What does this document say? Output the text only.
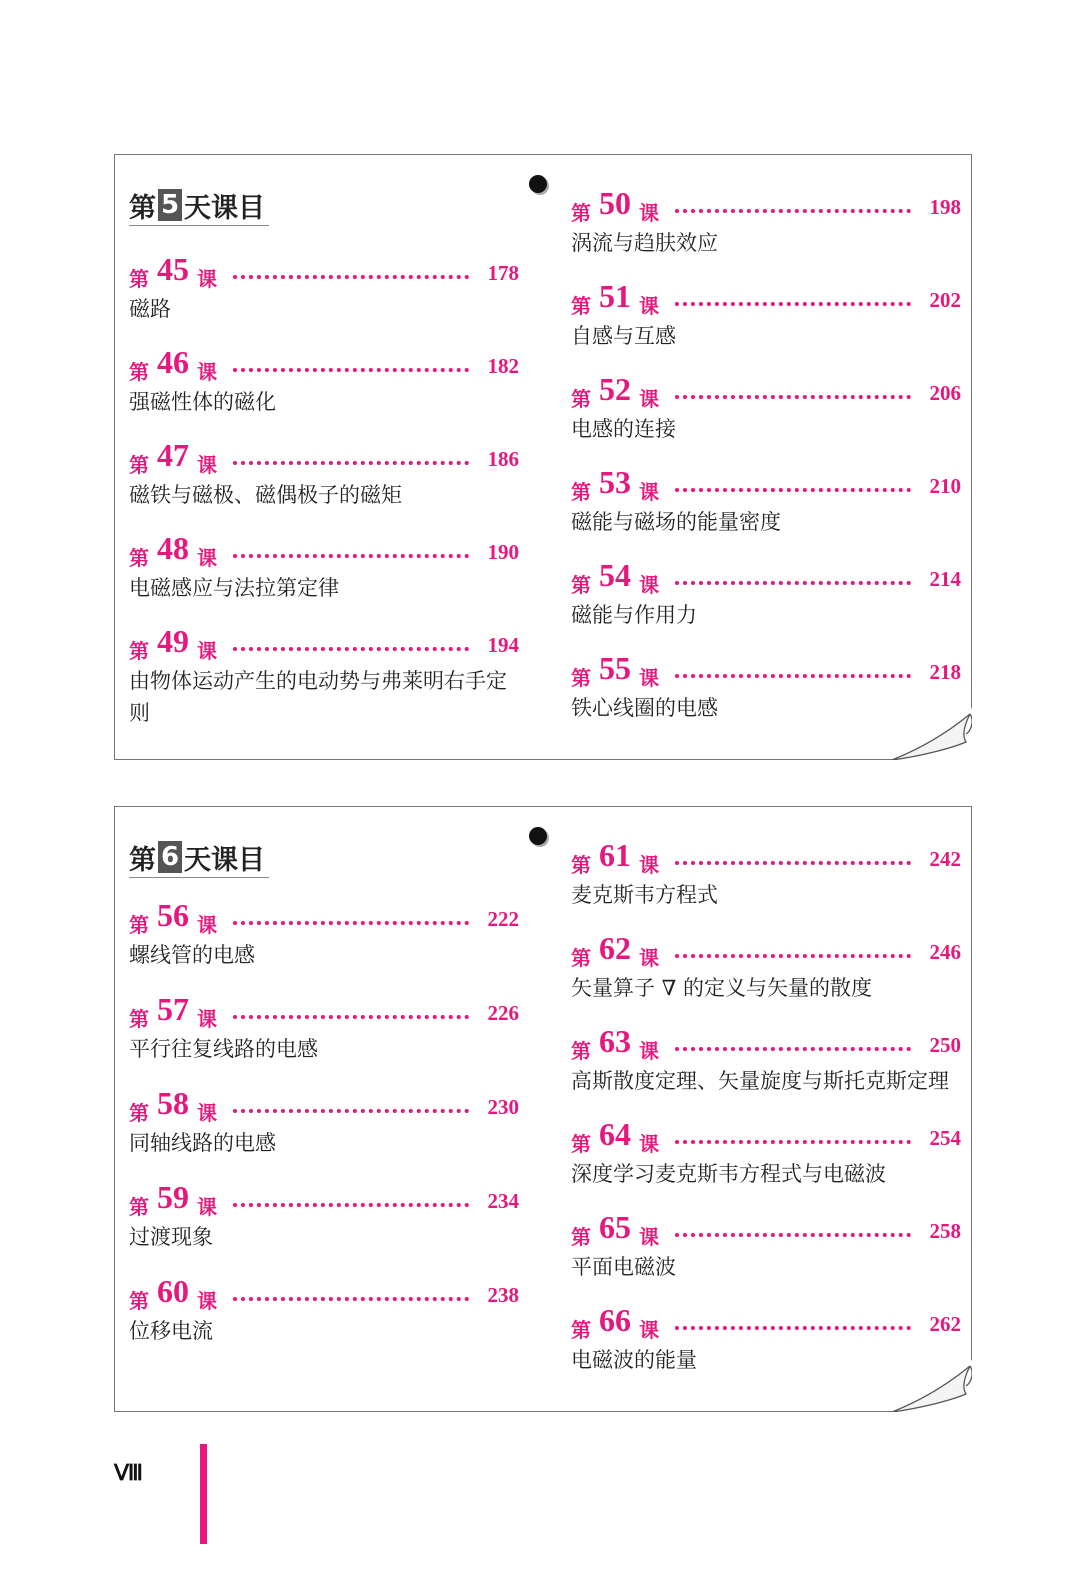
第 5 天课目
第 45 课	178
磁路
第 46 课	182
强磁性体的磁化
第 47 课	186
磁铁与磁极、磁偶极子的磁矩
第 48 课	190
电磁感应与法拉第定律
第 49 课	194
由物体运动产生的电动势与弗莱明右手定则
第 50 课	198
涡流与趋肤效应
第 51 课	202
自感与互感
第 52 课	206
电感的连接
第 53 课	210
磁能与磁场的能量密度
第 54 课	214
磁能与作用力
第 55 课	218
铁心线圈的电感
第 6 天课目
第 56 课	222
螺线管的电感
第 57 课	226
平行往复线路的电感
第 58 课	230
同轴线路的电感
第 59 课	234
过渡现象
第 60 课	238
位移电流
第 61 课	242
麦克斯韦方程式
第 62 课	246
矢量算子 ∇ 的定义与矢量的散度
第 63 课	250
高斯散度定理、矢量旋度与斯托克斯定理
第 64 课	254
深度学习麦克斯韦方程式与电磁波
第 65 课	258
平面电磁波
第 66 课	262
电磁波的能量
Ⅷ
